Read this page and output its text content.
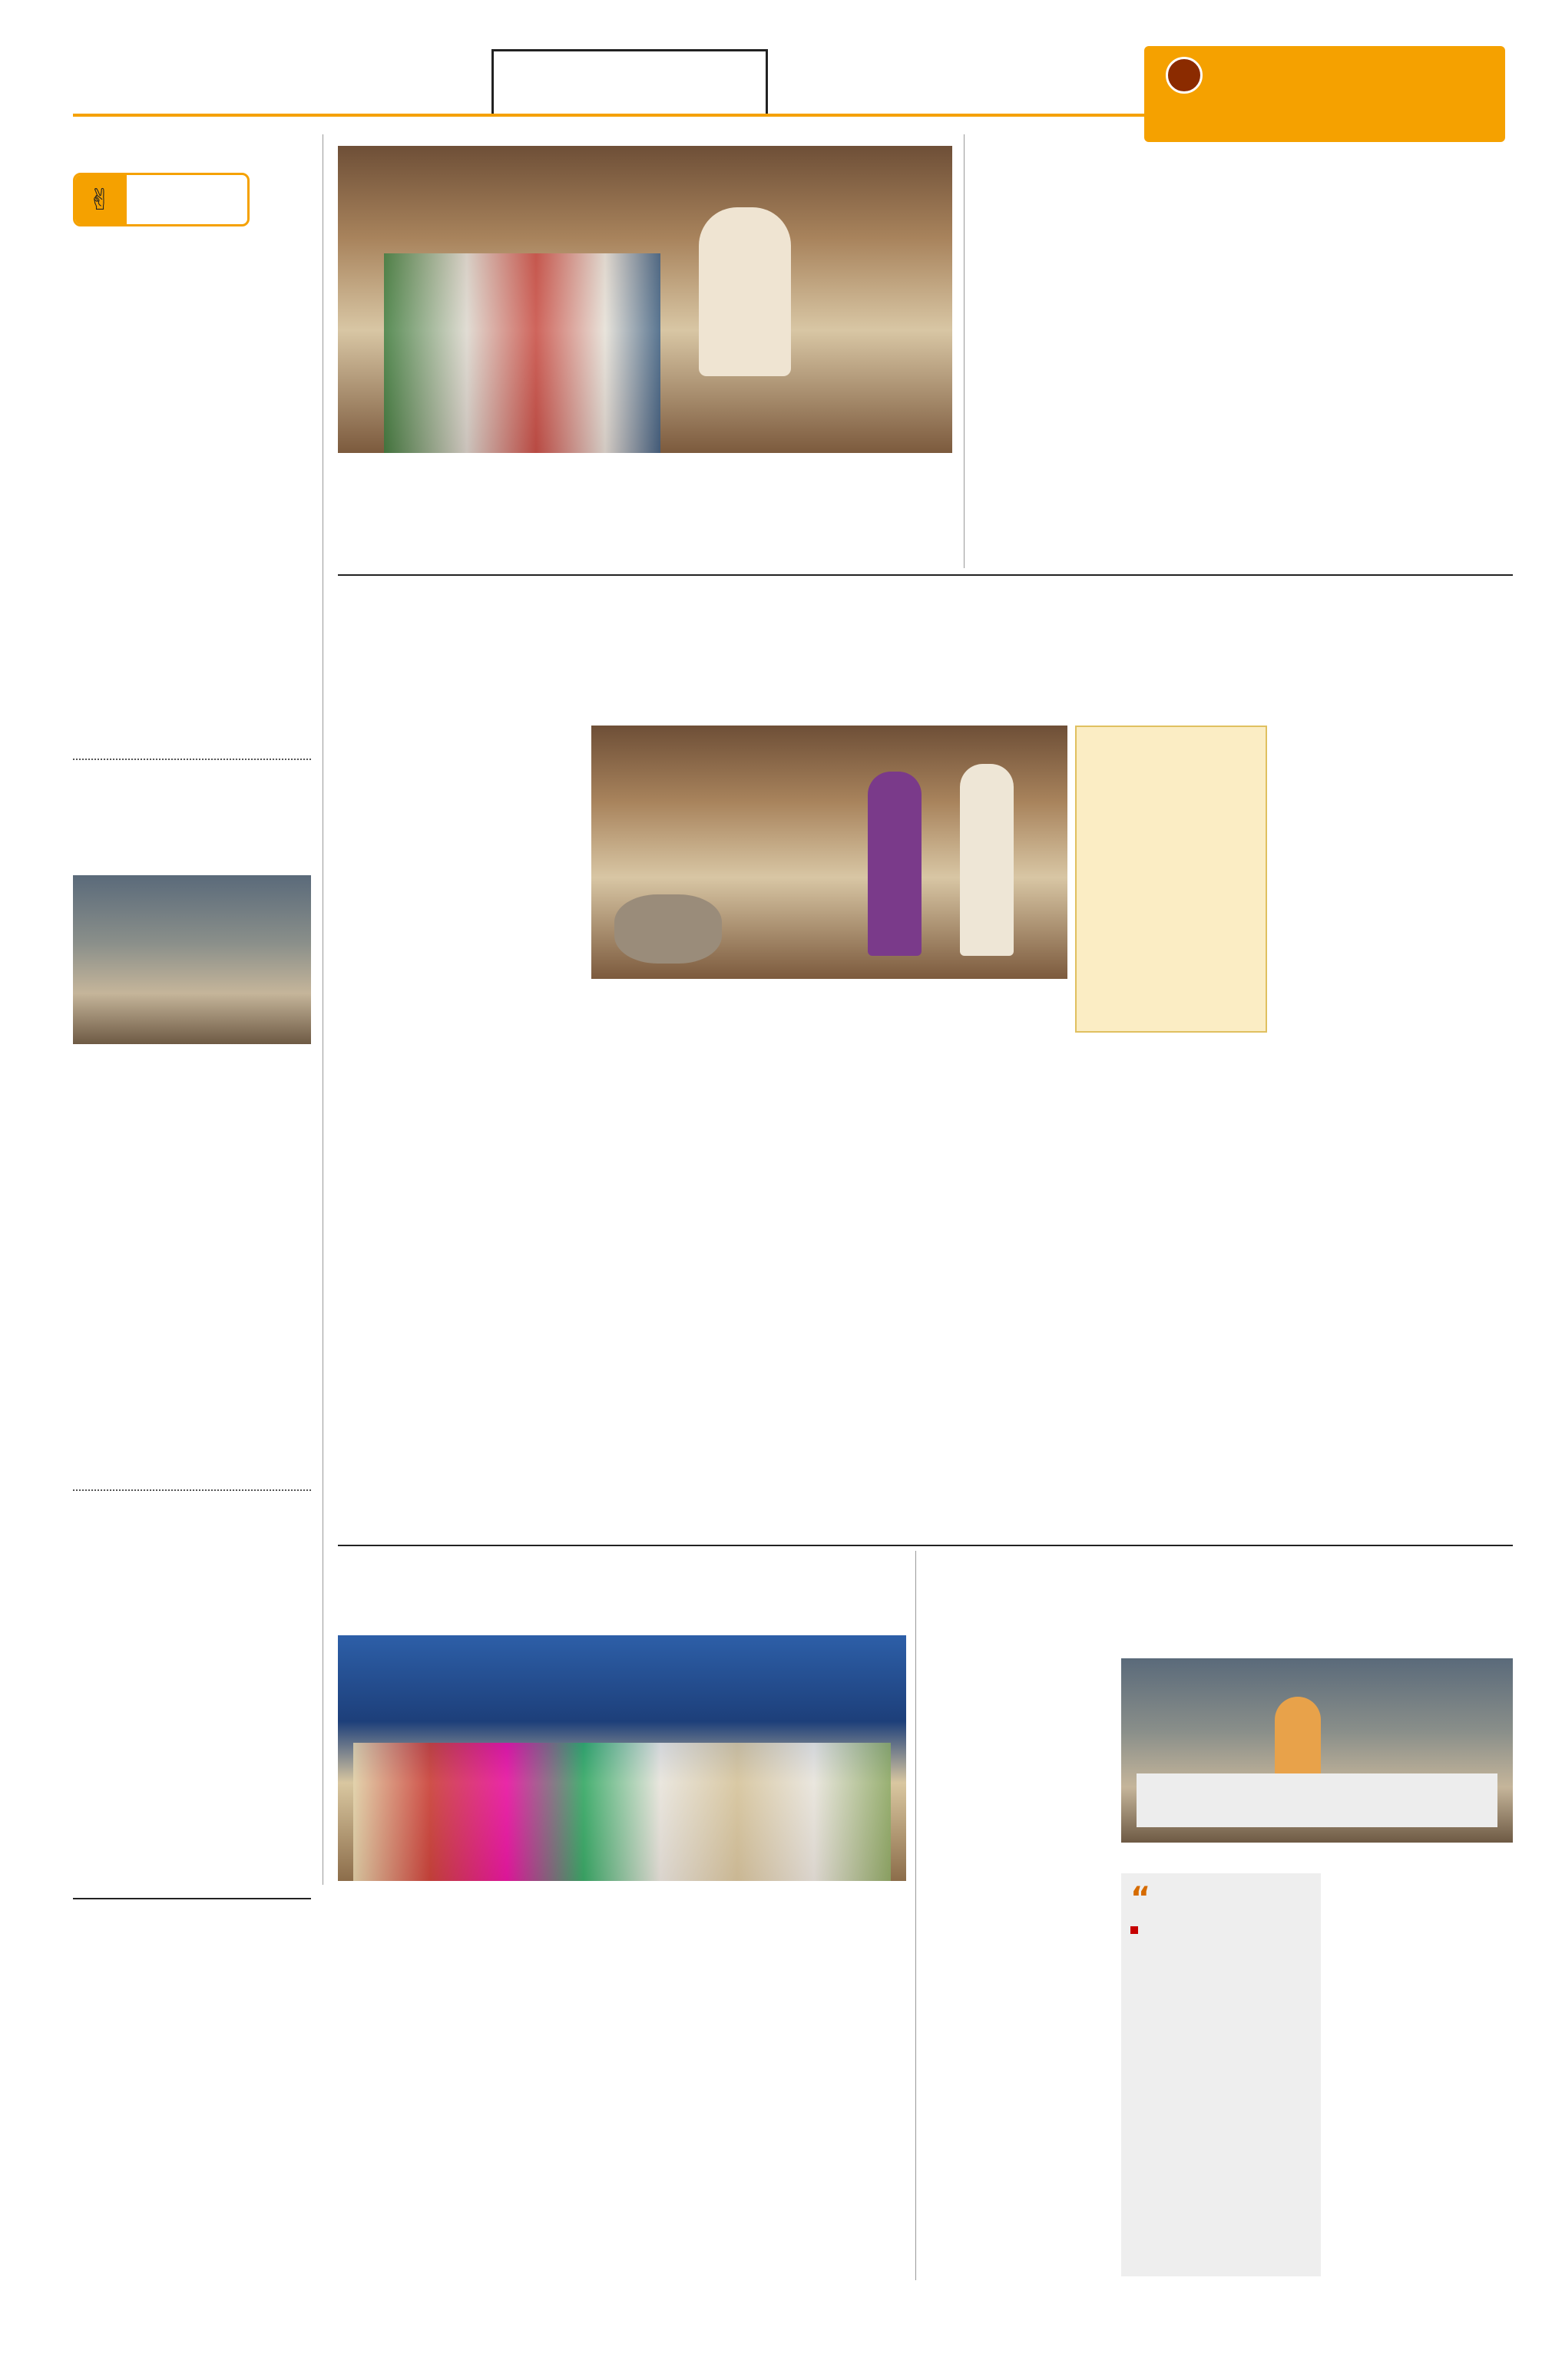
✌
“
